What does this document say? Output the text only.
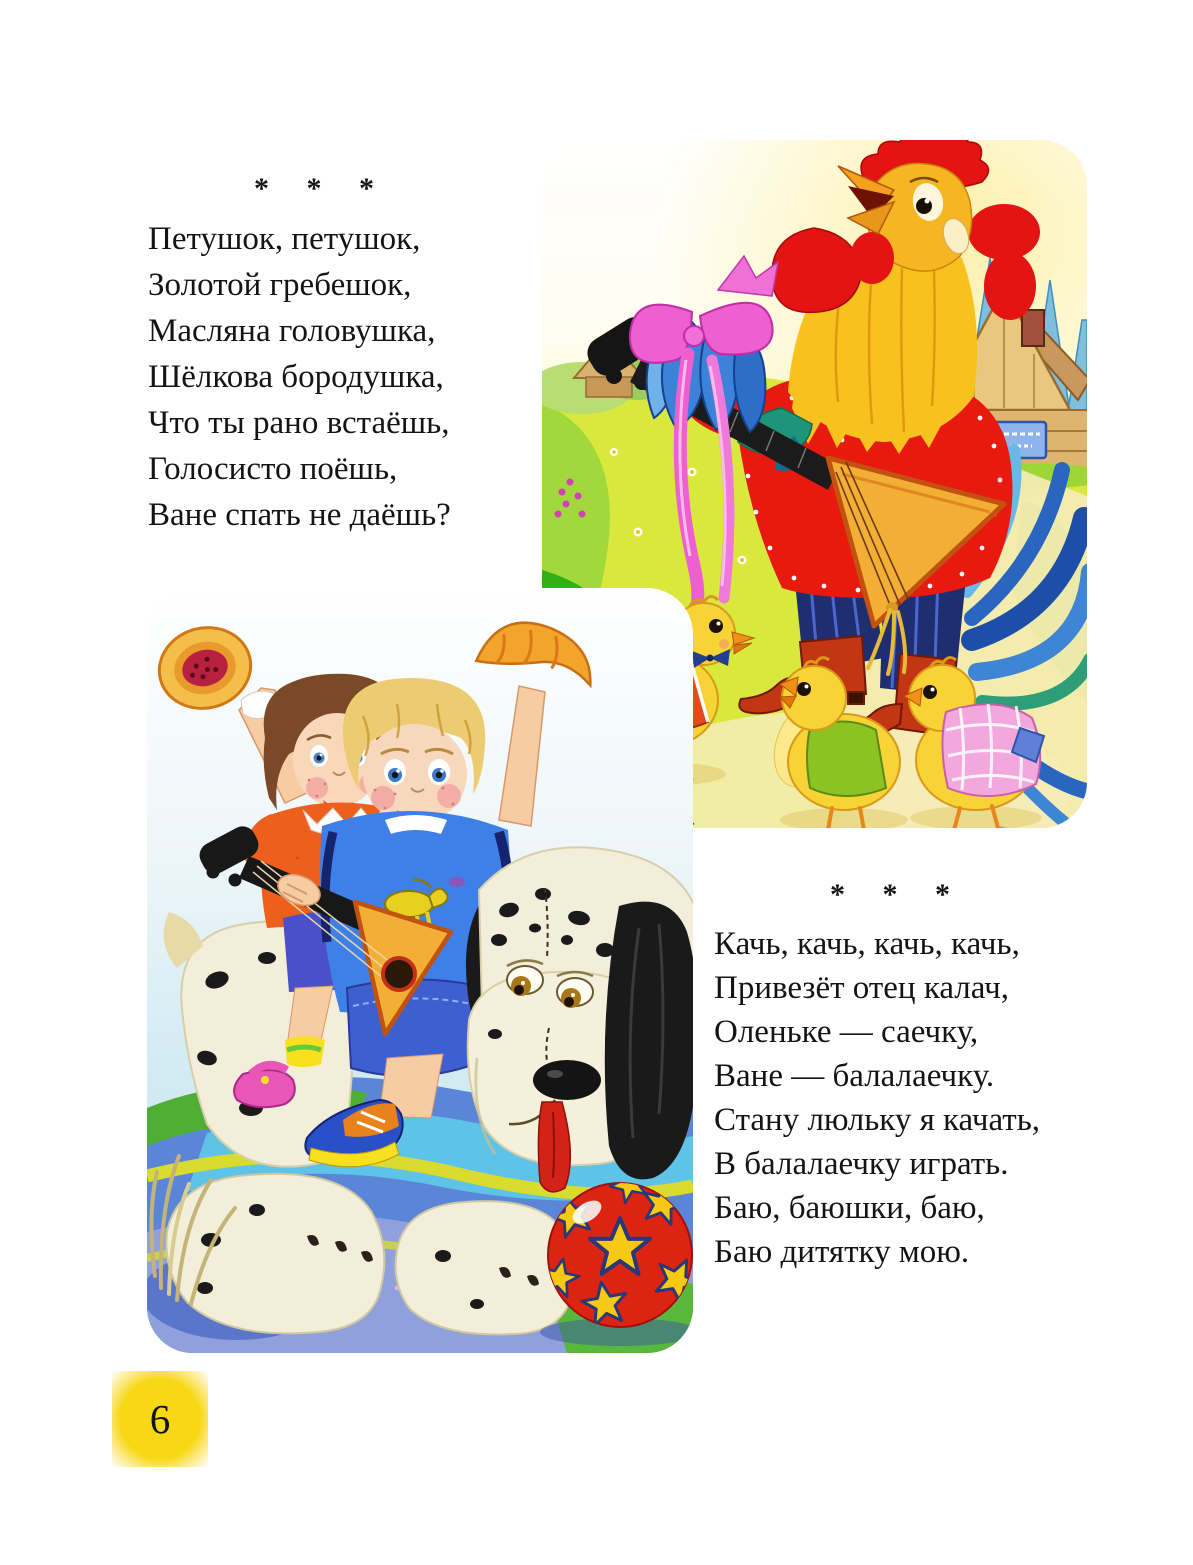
* * *
Петушок, петушок,
Золотой гребешок,
Масляна головушка,
Шёлкова бородушка,
Что ты рано встаёшь,
Голосисто поёшь,
Ване спать не даёшь?
* * *
Качь, качь, качь, качь,
Привезёт отец калач,
Оленьке — саечку,
Ване — балалаечку.
Стану люльку я качать,
В балалаечку играть.
Баю, баюшки, баю,
Баю дитятку мою.
6
